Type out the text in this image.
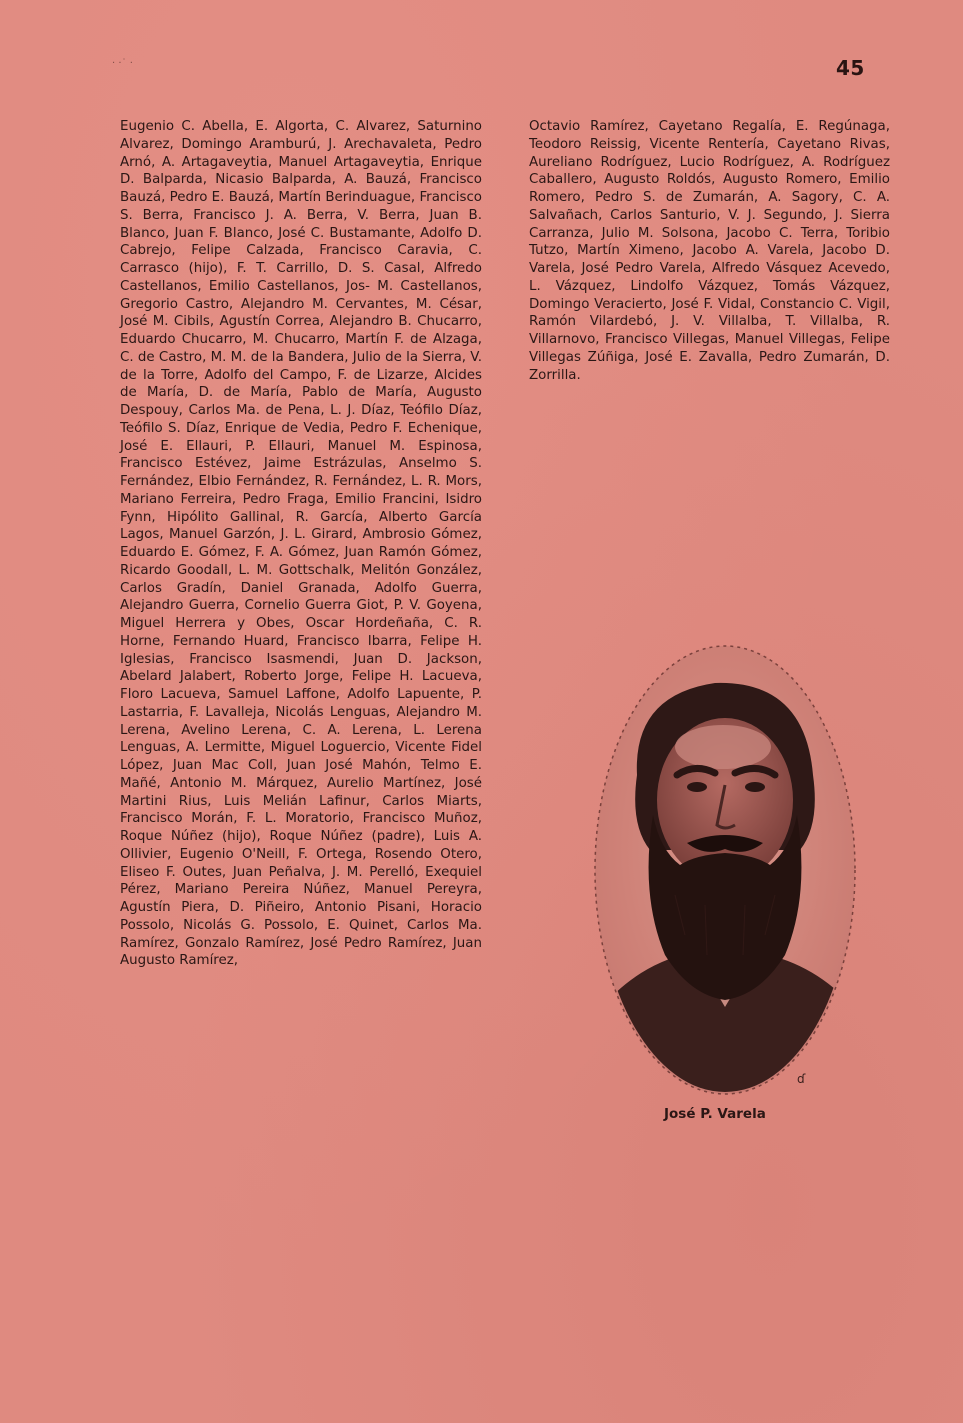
· ·˙ ·	45
Eugenio C. Abella, E. Algorta, C. Alvarez, Saturnino Alvarez, Domingo Aramburú, J. Arechavaleta, Pedro Arnó, A. Artagaveytia, Manuel Artagaveytia, Enrique D. Balparda, Nicasio Balparda, A. Bauzá, Francisco Bauzá, Pedro E. Bauzá, Martín Berinduague, Francisco S. Berra, Francisco J. A. Berra, V. Berra, Juan B. Blanco, Juan F. Blanco, José C. Bustamante, Adolfo D. Cabrejo, Felipe Calzada, Francisco Caravia, C. Carrasco (hijo), F. T. Carrillo, D. S. Casal, Alfredo Castellanos, Emilio Castellanos, Jos- M. Castellanos, Gregorio Castro, Alejandro M. Cervantes, M. César, José M. Cibils, Agustín Correa, Alejandro B. Chucarro, Eduardo Chucarro, M. Chucarro, Martín F. de Alzaga, C. de Castro, M. M. de la Bandera, Julio de la Sierra, V. de la Torre, Adolfo del Campo, F. de Lizarze, Alcides de María, D. de María, Pablo de María, Augusto Despouy, Carlos Ma. de Pena, L. J. Díaz, Teófilo Díaz, Teófilo S. Díaz, Enrique de Vedia, Pedro F. Echenique, José E. Ellauri, P. Ellauri, Manuel M. Espinosa, Francisco Estévez, Jaime Estrázulas, Anselmo S. Fernández, Elbio Fernández, R. Fernández, L. R. Mors, Mariano Ferreira, Pedro Fraga, Emilio Francini, Isidro Fynn, Hipólito Gallinal, R. García, Alberto García Lagos, Manuel Garzón, J. L. Girard, Ambrosio Gómez, Eduardo E. Gómez, F. A. Gómez, Juan Ramón Gómez, Ricardo Goodall, L. M. Gottschalk, Melitón González, Carlos Gradín, Daniel Granada, Adolfo Guerra, Alejandro Guerra, Cornelio Guerra Giot, P. V. Goyena, Miguel Herrera y Obes, Oscar Hordeñaña, C. R. Horne, Fernando Huard, Francisco Ibarra, Felipe H. Iglesias, Francisco Isasmendi, Juan D. Jackson, Abelard Jalabert, Roberto Jorge, Felipe H. Lacueva, Floro Lacueva, Samuel Laffone, Adolfo Lapuente, P. Lastarria, F. Lavalleja, Nicolás Lenguas, Alejandro M. Lerena, Avelino Lerena, C. A. Lerena, L. Lerena Lenguas, A. Lermitte, Miguel Loguercio, Vicente Fidel López, Juan Mac Coll, Juan José Mahón, Telmo E. Mañé, Antonio M. Márquez, Aurelio Martínez, José Martini Rius, Luis Melián Lafinur, Carlos Miarts, Francisco Morán, F. L. Moratorio, Francisco Muñoz, Roque Núñez (hijo), Roque Núñez (padre), Luis A. Ollivier, Eugenio O'Neill, F. Ortega, Rosendo Otero, Eliseo F. Outes, Juan Peñalva, J. M. Perelló, Exequiel Pérez, Mariano Pereira Núñez, Manuel Pereyra, Agustín Piera, D. Piñeiro, Antonio Pisani, Horacio Possolo, Nicolás G. Possolo, E. Quinet, Carlos Ma. Ramírez, Gonzalo Ramírez, José Pedro Ramírez, Juan Augusto Ramírez,
Octavio Ramírez, Cayetano Regalía, E. Regúnaga, Teodoro Reissig, Vicente Rentería, Cayetano Rivas, Aureliano Rodríguez, Lucio Rodríguez, A. Rodríguez Caballero, Augusto Roldós, Augusto Romero, Emilio Romero, Pedro S. de Zumarán, A. Sagory, C. A. Salvañach, Carlos Santurio, V. J. Segundo, J. Sierra Carranza, Julio M. Solsona, Jacobo C. Terra, Toribio Tutzo, Martín Ximeno, Jacobo A. Varela, Jacobo D. Varela, José Pedro Varela, Alfredo Vásquez Acevedo, L. Vázquez, Lindolfo Vázquez, Tomás Vázquez, Domingo Veracierto, José F. Vidal, Constancio C. Vigil, Ramón Vilardebó, J. V. Villalba, T. Villalba, R. Villarnovo, Francisco Villegas, Manuel Villegas, Felipe Villegas Zúñiga, José E. Zavalla, Pedro Zumarán, D. Zorrilla.
ɗ
José P. Varela
